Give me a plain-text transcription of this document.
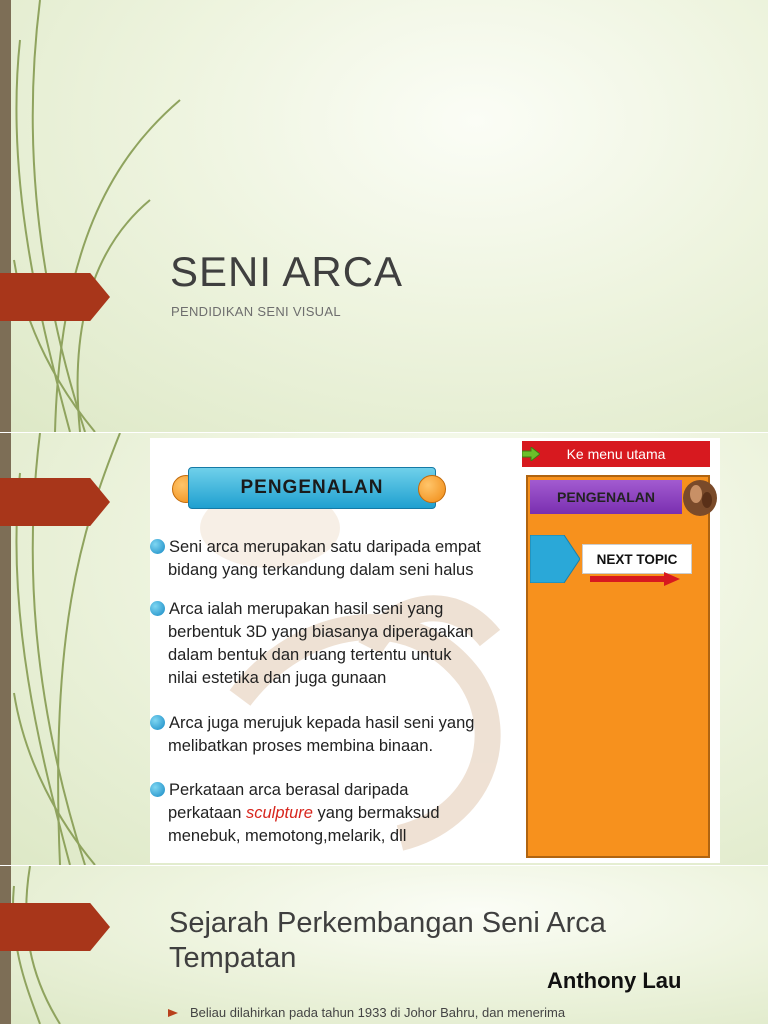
SENI ARCA
PENDIDIKAN SENI VISUAL
PENGENALAN
Seni arca merupakan satu daripada empat
bidang yang terkandung dalam seni halus
Arca ialah merupakan hasil seni yang
berbentuk 3D yang biasanya diperagakan
dalam bentuk dan ruang tertentu untuk
nilai estetika dan juga gunaan
Arca juga merujuk kepada hasil seni yang
melibatkan proses membina binaan.
Perkataan arca berasal daripada
perkataan sculpture yang bermaksud
menebuk, memotong,melarik, dll
Ke menu utama
PENGENALAN
NEXT TOPIC
Sejarah Perkembangan Seni Arca
Tempatan
Anthony Lau
Beliau dilahirkan pada tahun 1933 di Johor Bahru, dan menerima
